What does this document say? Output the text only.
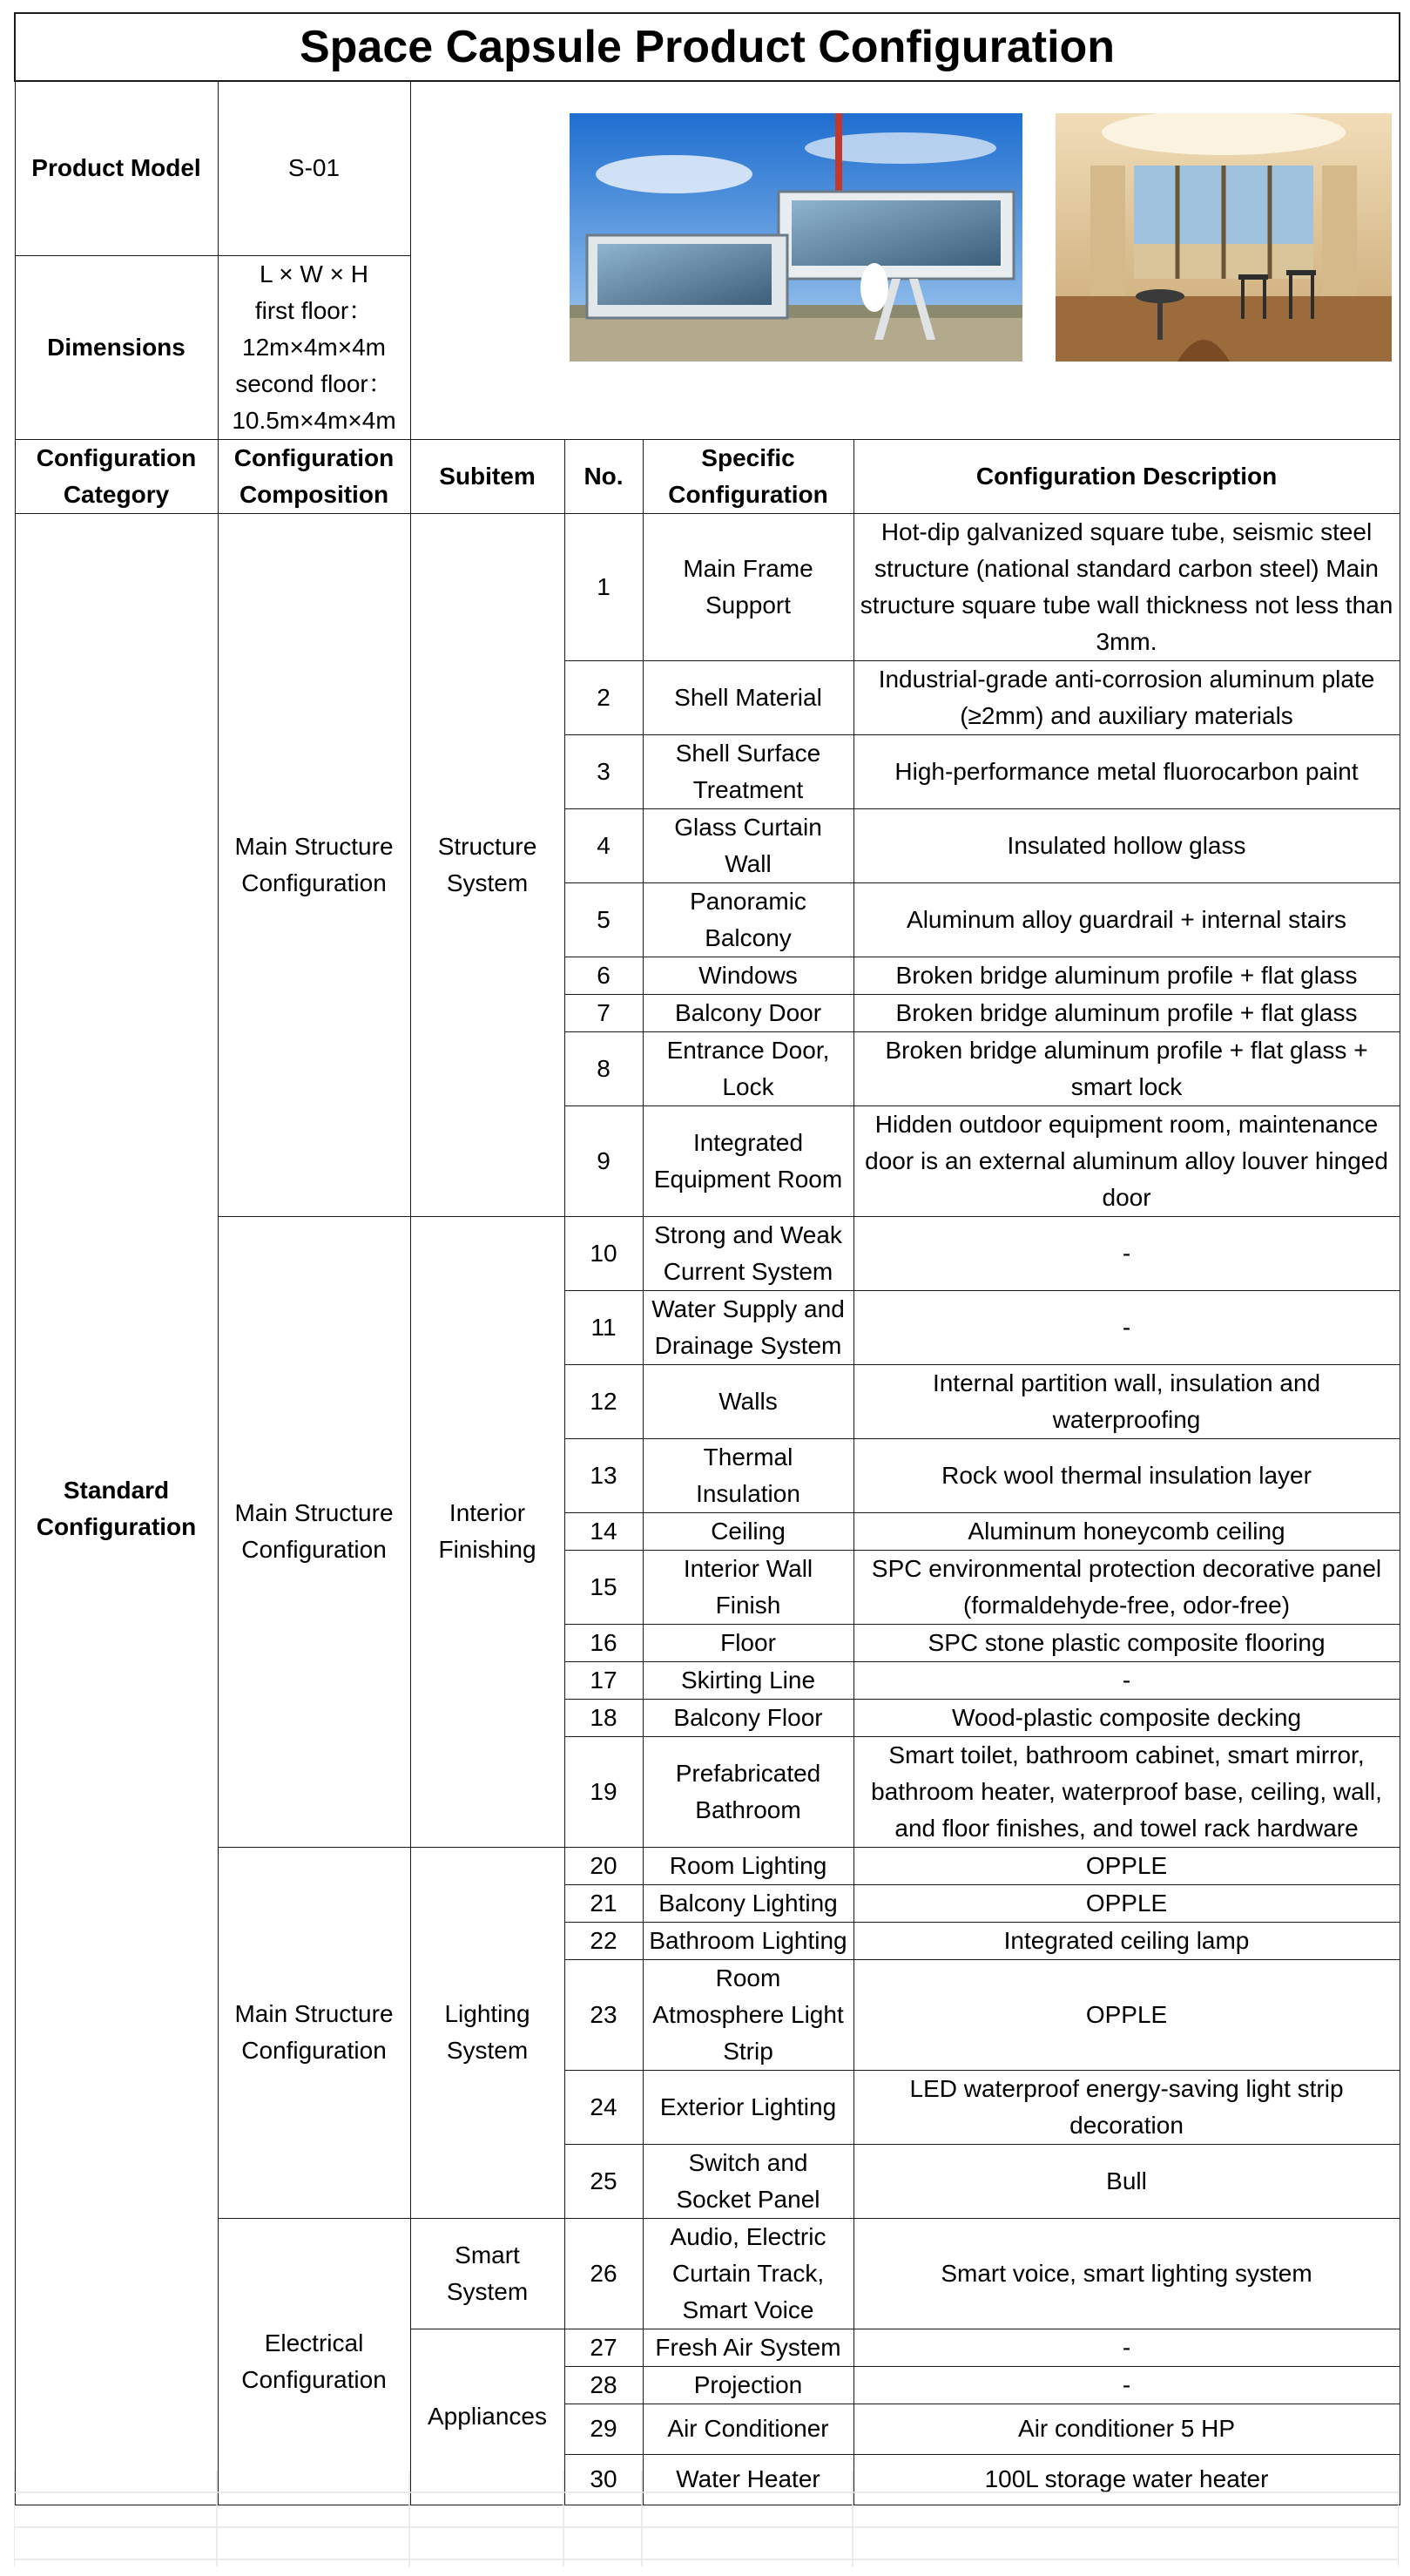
Space Capsule Product Configuration					
Product Model	S-01				
Dimensions	L × W × H
first floor：12m×4m×4m
second floor：10.5m×4m×4m				

Configuration Category	Configuration Composition	Subitem	No.	Specific Configuration	Configuration Description
Standard Configuration	Main Structure Configuration	Structure System	1	Main Frame Support	Hot-dip galvanized square tube, seismic steel structure (national standard carbon steel) Main structure square tube wall thickness not less than 3mm.
			2	Shell Material	Industrial-grade anti-corrosion aluminum plate (≥2mm) and auxiliary materials
			3	Shell Surface Treatment	High-performance metal fluorocarbon paint
			4	Glass Curtain Wall	Insulated hollow glass
			5	Panoramic Balcony	Aluminum alloy guardrail + internal stairs
			6	Windows	Broken bridge aluminum profile + flat glass
			7	Balcony Door	Broken bridge aluminum profile + flat glass
			8	Entrance Door, Lock	Broken bridge aluminum profile + flat glass + smart lock
			9	Integrated Equipment Room	Hidden outdoor equipment room, maintenance door is an external aluminum alloy louver hinged door
	Main Structure Configuration	Interior Finishing	10	Strong and Weak Current System	-
			11	Water Supply and Drainage System	-
			12	Walls	Internal partition wall, insulation and waterproofing
			13	Thermal Insulation	Rock wool thermal insulation layer
			14	Ceiling	Aluminum honeycomb ceiling
			15	Interior Wall Finish	SPC environmental protection decorative panel (formaldehyde-free, odor-free)
			16	Floor	SPC stone plastic composite flooring
			17	Skirting Line	-
			18	Balcony Floor	Wood-plastic composite decking
			19	Prefabricated Bathroom	Smart toilet, bathroom cabinet, smart mirror, bathroom heater, waterproof base, ceiling, wall, and floor finishes, and towel rack hardware
	Main Structure Configuration	Lighting System	20	Room Lighting	OPPLE
			21	Balcony Lighting	OPPLE
			22	Bathroom Lighting	Integrated ceiling lamp
			23	Room Atmosphere Light Strip	OPPLE
			24	Exterior Lighting	LED waterproof energy-saving light strip decoration
			25	Switch and Socket Panel	Bull
	Electrical Configuration	Smart System	26	Audio, Electric Curtain Track, Smart Voice	Smart voice, smart lighting system
		Appliances	27	Fresh Air System	-
			28	Projection	-
			29	Air Conditioner	Air conditioner 5 HP
			30	Water Heater	100L storage water heater
